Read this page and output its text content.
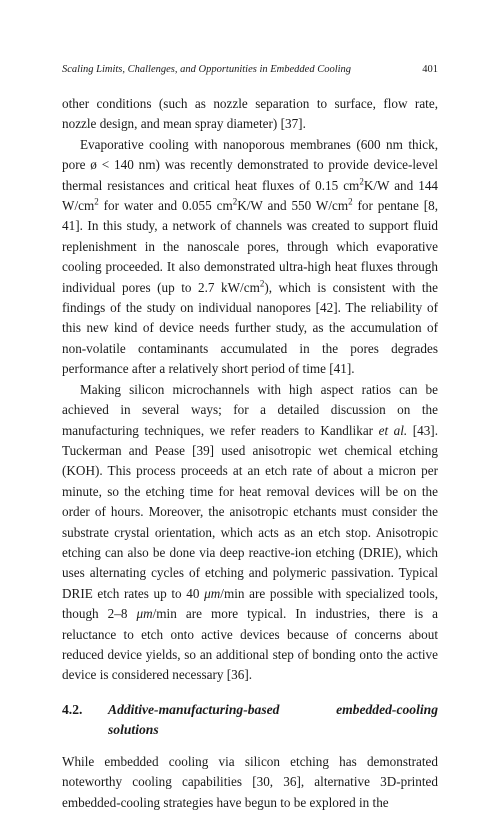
Scaling Limits, Challenges, and Opportunities in Embedded Cooling	401

other conditions (such as nozzle separation to surface, flow rate, nozzle design, and mean spray diameter) [37].

Evaporative cooling with nanoporous membranes (600 nm thick, pore ø < 140 nm) was recently demonstrated to provide device-level thermal resistances and critical heat fluxes of 0.15 $cm^2K/W$ and 144 $W/cm^2$ for water and 0.055 $cm^2K/W$ and 550 $W/cm^2$ for pentane [8, 41]. In this study, a network of channels was created to support fluid replenishment in the nanoscale pores, through which evaporative cooling proceeded. It also demonstrated ultra-high heat fluxes through individual pores (up to 2.7 $kW/cm^2$), which is consistent with the findings of the study on individual nanopores [42]. The reliability of this new kind of device needs further study, as the accumulation of non-volatile contaminants accumulated in the pores degrades performance after a relatively short period of time [41].

Making silicon microchannels with high aspect ratios can be achieved in several ways; for a detailed discussion on the manufacturing techniques, we refer readers to Kandlikar et al. [43]. Tuckerman and Pease [39] used anisotropic wet chemical etching (KOH). This process proceeds at an etch rate of about a micron per minute, so the etching time for heat removal devices will be on the order of hours. Moreover, the anisotropic etchants must consider the substrate crystal orientation, which acts as an etch stop. Anisotropic etching can also be done via deep reactive-ion etching (DRIE), which uses alternating cycles of etching and polymeric passivation. Typical DRIE etch rates up to 40 μm/min are possible with specialized tools, though 2–8 μm/min are more typical. In industries, there is a reluctance to etch onto active devices because of concerns about reduced device yields, so an additional step of bonding onto the active device is considered necessary [36].

4.2.	Additive-manufacturing-based embedded-cooling solutions

While embedded cooling via silicon etching has demonstrated noteworthy cooling capabilities [30, 36], alternative 3D-printed embedded-cooling strategies have begun to be explored in the
